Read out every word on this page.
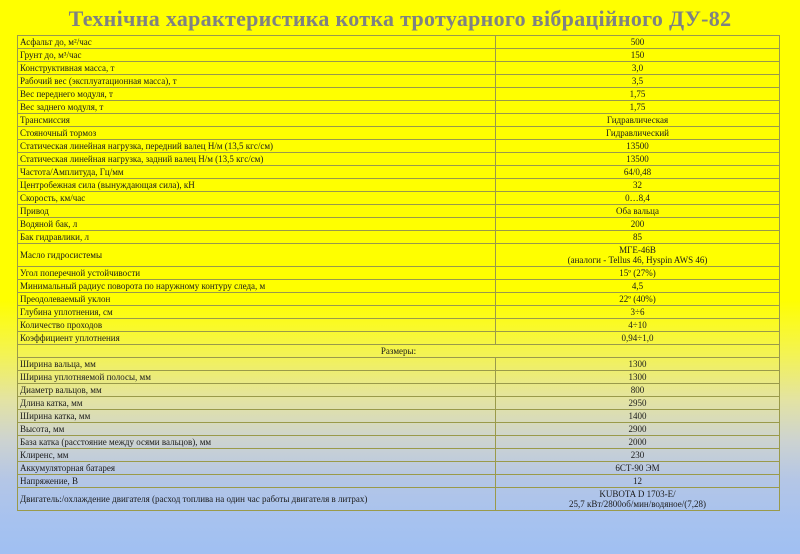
Технічна характеристика котка тротуарного вібраційного ДУ-82
Асфальт до, м²/час	500
Грунт до, м³/час	150
Конструктивная масса, т	3,0
Рабочий вес (эксплуатационная масса), т	3,5
Вес переднего модуля, т	1,75
Вес заднего модуля, т	1,75
Трансмиссия	Гидравлическая
Стояночный тормоз	Гидравлический
Статическая линейная нагрузка, передний валец Н/м (13,5 кгс/см)	13500
Статическая линейная нагрузка, задний валец Н/м (13,5 кгс/см)	13500
Частота/Амплитуда, Гц/мм	64/0,48
Центробежная сила (вынуждающая сила), кН	32
Скорость, км/час	0…8,4
Привод	Оба вальца
Водяной бак, л	200
Бак гидравлики, л	85
Масло гидросистемы	МГЕ-46В
(аналоги - Tellus 46, Hyspin AWS 46)
Угол поперечной устойчивости	15º (27%)
Минимальный радиус поворота по наружному контуру следа, м	4,5
Преодолеваемый уклон	22º (40%)
Глубина уплотнения, см	3÷6
Количество проходов	4÷10
Коэффициент уплотнения	0,94÷1,0
Размеры:	
Ширина вальца, мм	1300
Ширина уплотняемой полосы, мм	1300
Диаметр вальцов, мм	800
Длина катка, мм	2950
Ширина катка, мм	1400
Высота, мм	2900
База катка (расстояние между осями вальцов), мм	2000
Клиренс, мм	230
Аккумуляторная батарея	6СТ-90 ЭМ
Напряжение, В	12
Двигатель:/охлаждение двигателя (расход топлива на один час работы двигателя в литрах)	KUBOTA D 1703-E/
25,7 кВт/2800об/мин/водяное/(7,28)
